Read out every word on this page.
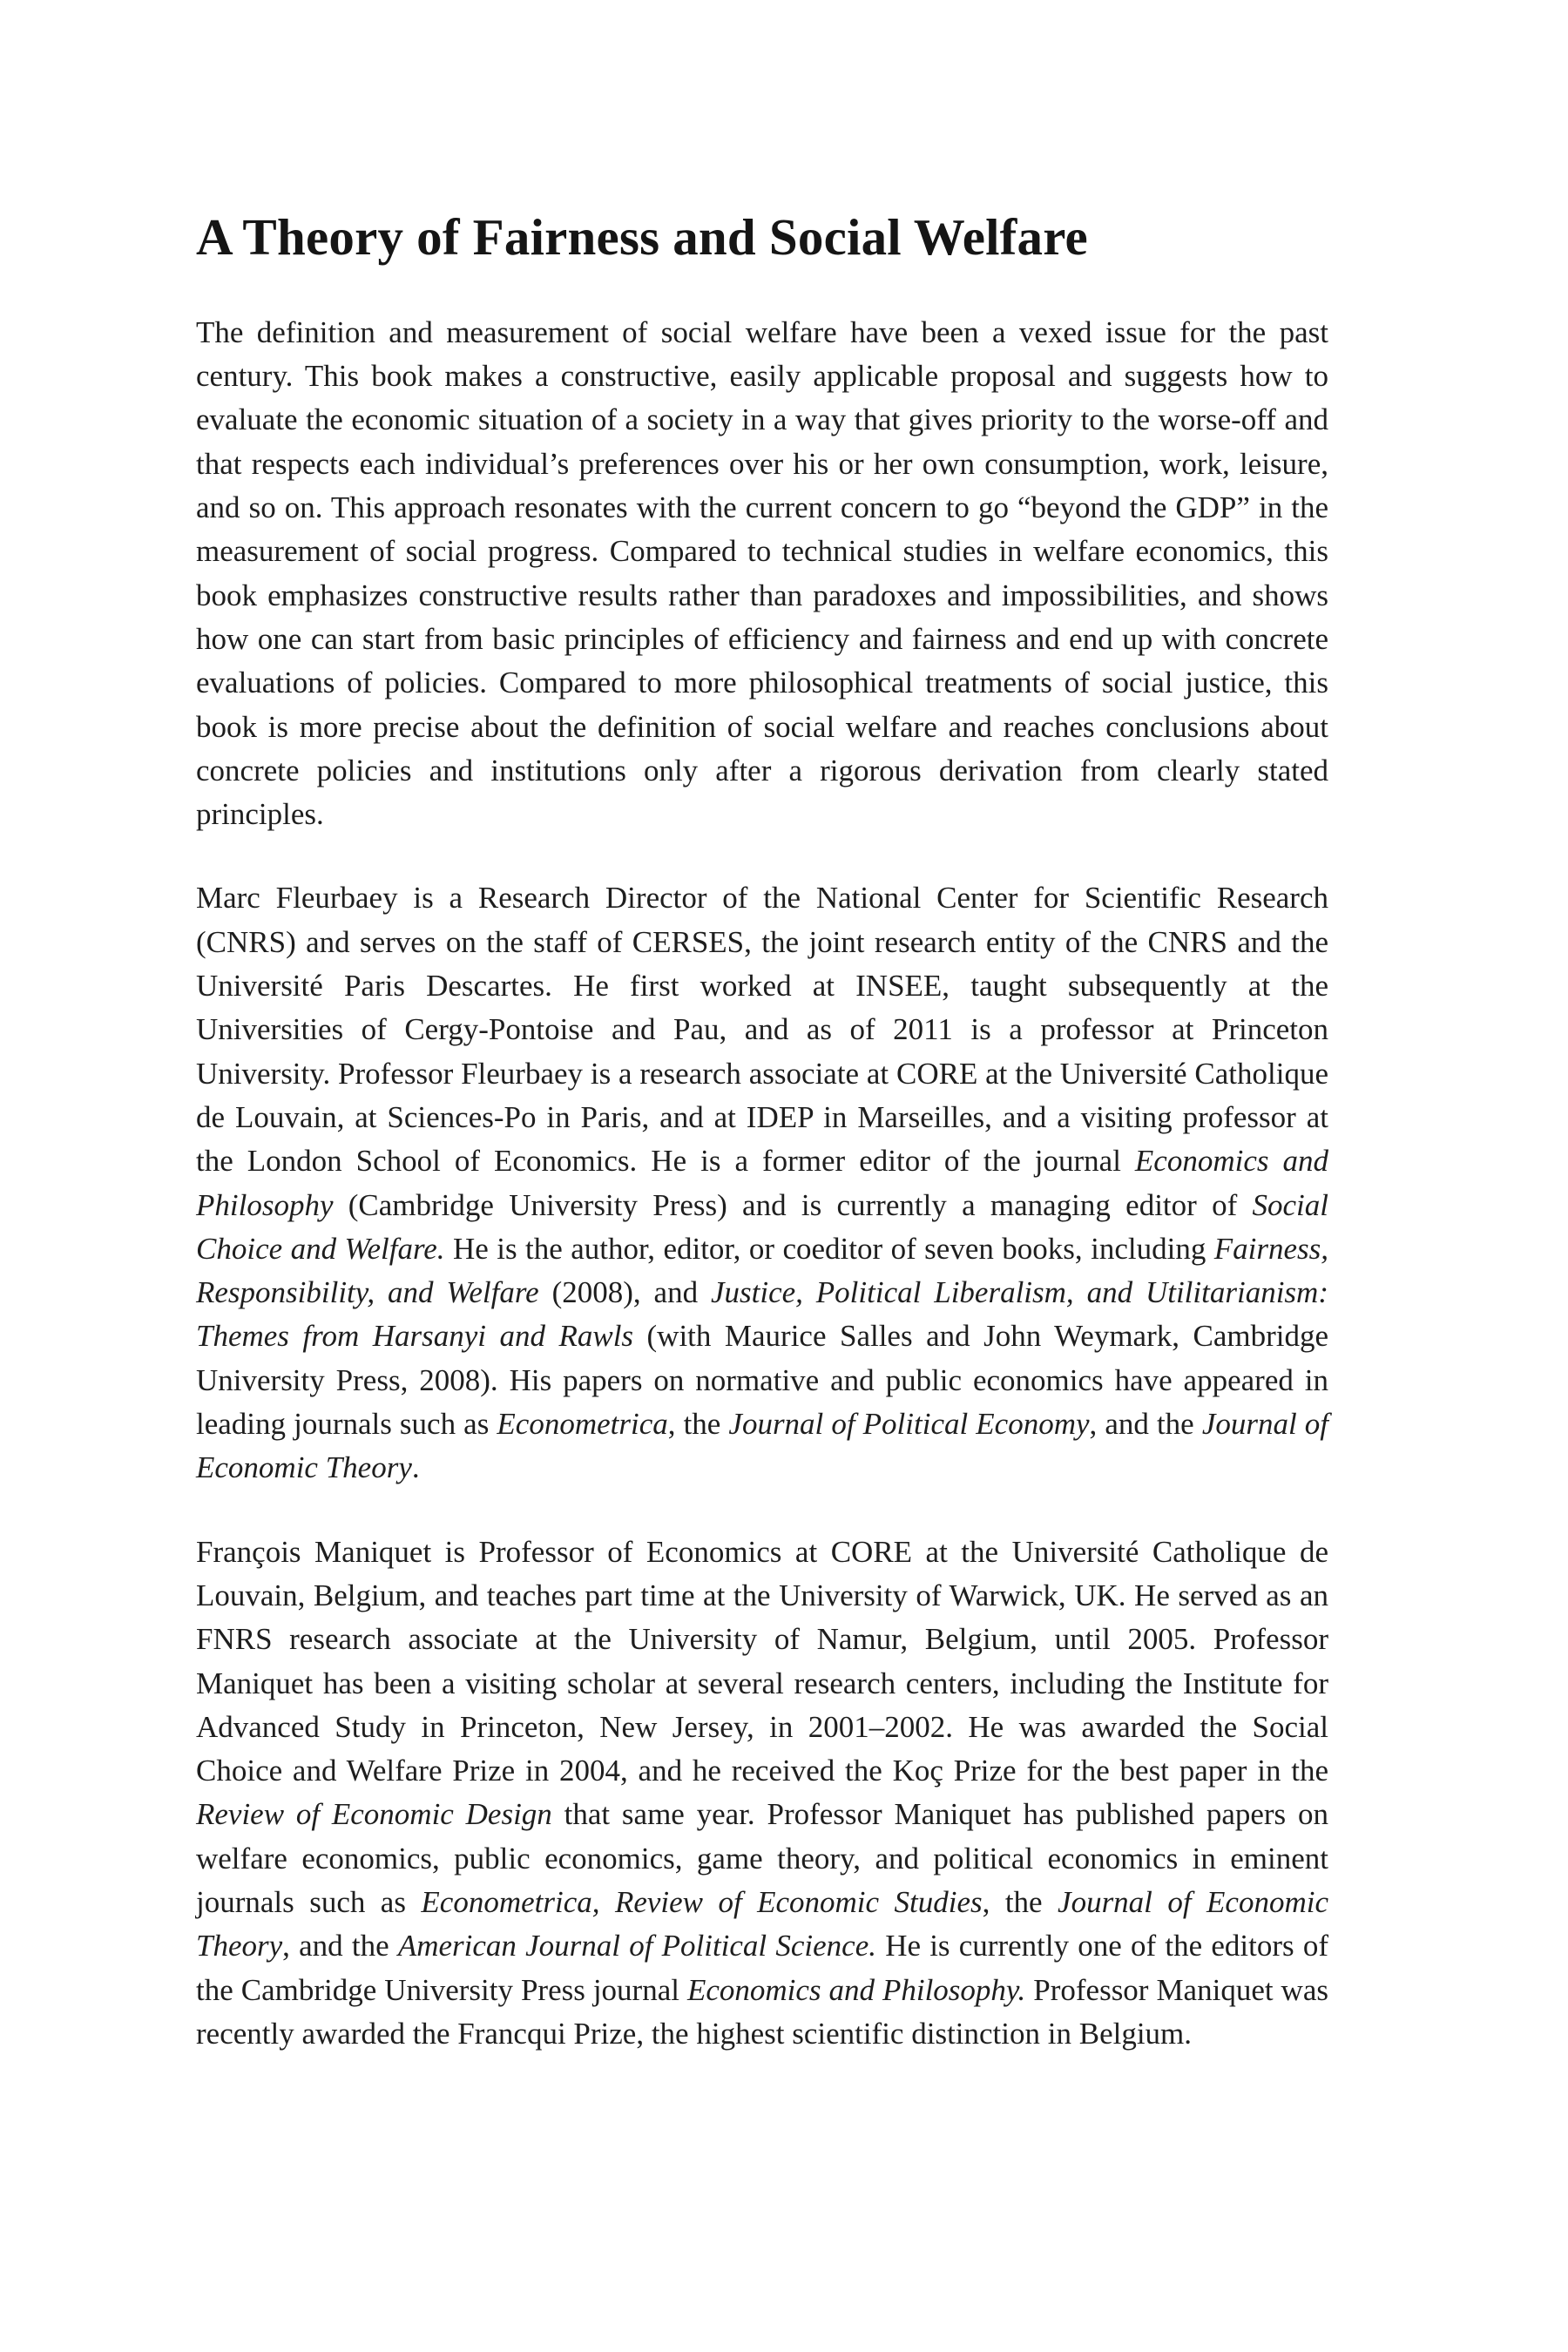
A Theory of Fairness and Social Welfare

The definition and measurement of social welfare have been a vexed issue for the past century. This book makes a constructive, easily applicable proposal and suggests how to evaluate the economic situation of a society in a way that gives priority to the worse-off and that respects each individual’s preferences over his or her own consumption, work, leisure, and so on. This approach resonates with the current concern to go “beyond the GDP” in the measurement of social progress. Compared to technical studies in welfare economics, this book emphasizes constructive results rather than paradoxes and impossibilities, and shows how one can start from basic principles of efficiency and fairness and end up with concrete evaluations of policies. Compared to more philosophical treatments of social justice, this book is more precise about the definition of social welfare and reaches conclusions about concrete policies and institutions only after a rigorous derivation from clearly stated principles.

Marc Fleurbaey is a Research Director of the National Center for Scientific Research (CNRS) and serves on the staff of CERSES, the joint research entity of the CNRS and the Université Paris Descartes. He first worked at INSEE, taught subsequently at the Universities of Cergy-Pontoise and Pau, and as of 2011 is a professor at Princeton University. Professor Fleurbaey is a research associate at CORE at the Université Catholique de Louvain, at Sciences-Po in Paris, and at IDEP in Marseilles, and a visiting professor at the London School of Economics. He is a former editor of the journal Economics and Philosophy (Cambridge University Press) and is currently a managing editor of Social Choice and Welfare. He is the author, editor, or coeditor of seven books, including Fairness, Responsibility, and Welfare (2008), and Justice, Political Liberalism, and Utilitarianism: Themes from Harsanyi and Rawls (with Maurice Salles and John Weymark, Cambridge University Press, 2008). His papers on normative and public economics have appeared in leading journals such as Econometrica, the Journal of Political Economy, and the Journal of Economic Theory.

François Maniquet is Professor of Economics at CORE at the Université Catholique de Louvain, Belgium, and teaches part time at the University of Warwick, UK. He served as an FNRS research associate at the University of Namur, Belgium, until 2005. Professor Maniquet has been a visiting scholar at several research centers, including the Institute for Advanced Study in Princeton, New Jersey, in 2001–2002. He was awarded the Social Choice and Welfare Prize in 2004, and he received the Koç Prize for the best paper in the Review of Economic Design that same year. Professor Maniquet has published papers on welfare economics, public economics, game theory, and political economics in eminent journals such as Econometrica, Review of Economic Studies, the Journal of Economic Theory, and the American Journal of Political Science. He is currently one of the editors of the Cambridge University Press journal Economics and Philosophy. Professor Maniquet was recently awarded the Francqui Prize, the highest scientific distinction in Belgium.
